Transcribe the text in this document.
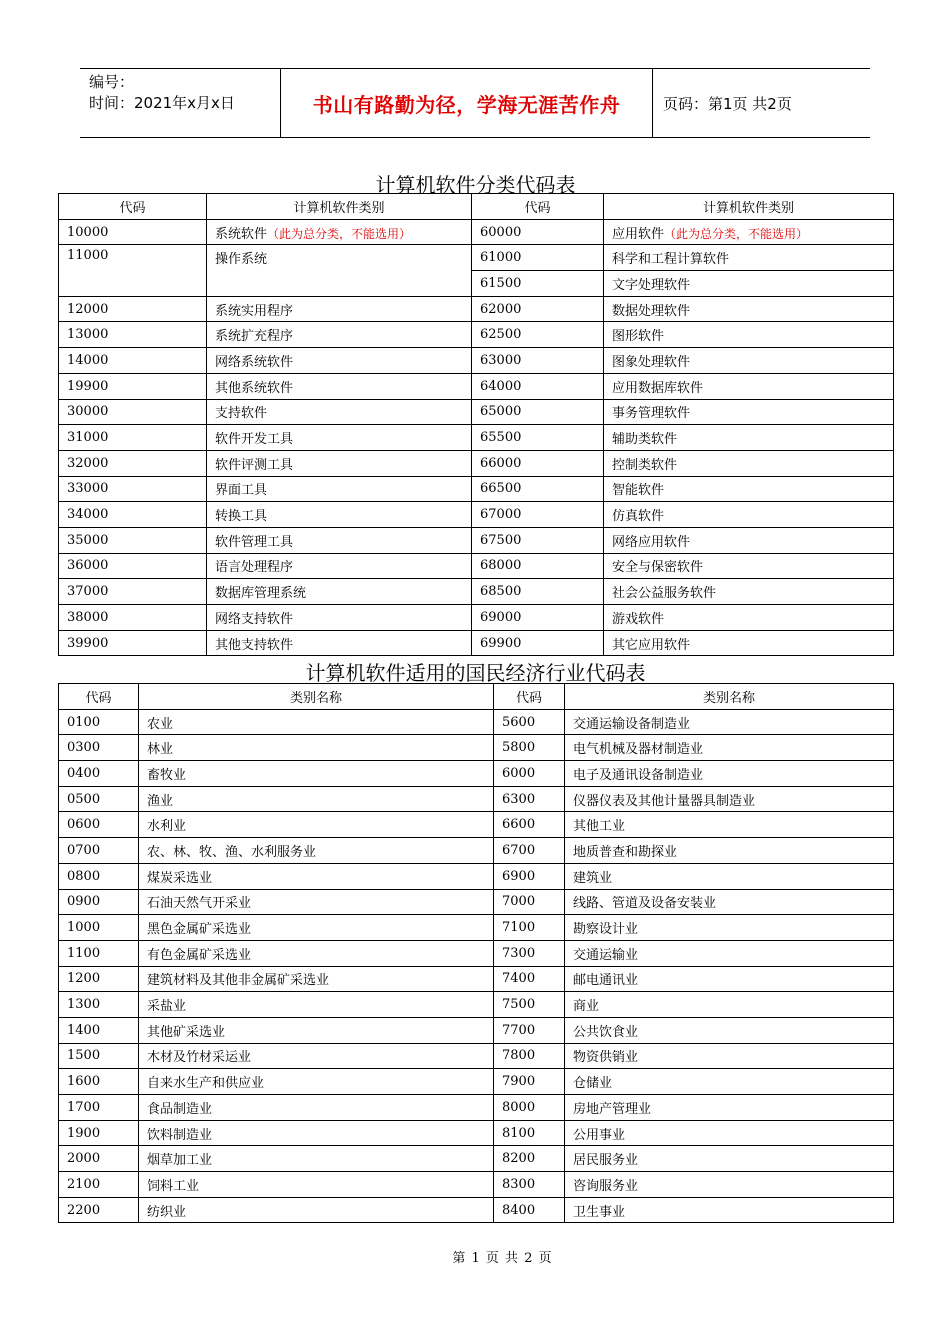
编号：
时间：2021年x月x日	书山有路勤为径，学海无涯苦作舟	页码：第1页 共2页
计算机软件分类代码表
代码	计算机软件类别	代码	计算机软件类别
10000	系统软件（此为总分类，不能选用）	60000	应用软件（此为总分类，不能选用）
11000	操作系统	61000	科学和工程计算软件
		61500	文字处理软件
12000	系统实用程序	62000	数据处理软件
13000	系统扩充程序	62500	图形软件
14000	网络系统软件	63000	图象处理软件
19900	其他系统软件	64000	应用数据库软件
30000	支持软件	65000	事务管理软件
31000	软件开发工具	65500	辅助类软件
32000	软件评测工具	66000	控制类软件
33000	界面工具	66500	智能软件
34000	转换工具	67000	仿真软件
35000	软件管理工具	67500	网络应用软件
36000	语言处理程序	68000	安全与保密软件
37000	数据库管理系统	68500	社会公益服务软件
38000	网络支持软件	69000	游戏软件
39900	其他支持软件	69900	其它应用软件
计算机软件适用的国民经济行业代码表
代码	类别名称	代码	类别名称
0100	农业	5600	交通运输设备制造业
0300	林业	5800	电气机械及器材制造业
0400	畜牧业	6000	电子及通讯设备制造业
0500	渔业	6300	仪器仪表及其他计量器具制造业
0600	水利业	6600	其他工业
0700	农、林、牧、渔、水利服务业	6700	地质普查和勘探业
0800	煤炭采选业	6900	建筑业
0900	石油天然气开采业	7000	线路、管道及设备安装业
1000	黑色金属矿采选业	7100	勘察设计业
1100	有色金属矿采选业	7300	交通运输业
1200	建筑材料及其他非金属矿采选业	7400	邮电通讯业
1300	采盐业	7500	商业
1400	其他矿采选业	7700	公共饮食业
1500	木材及竹材采运业	7800	物资供销业
1600	自来水生产和供应业	7900	仓储业
1700	食品制造业	8000	房地产管理业
1900	饮料制造业	8100	公用事业
2000	烟草加工业	8200	居民服务业
2100	饲料工业	8300	咨询服务业
2200	纺织业	8400	卫生事业
第 1 页 共 2 页
